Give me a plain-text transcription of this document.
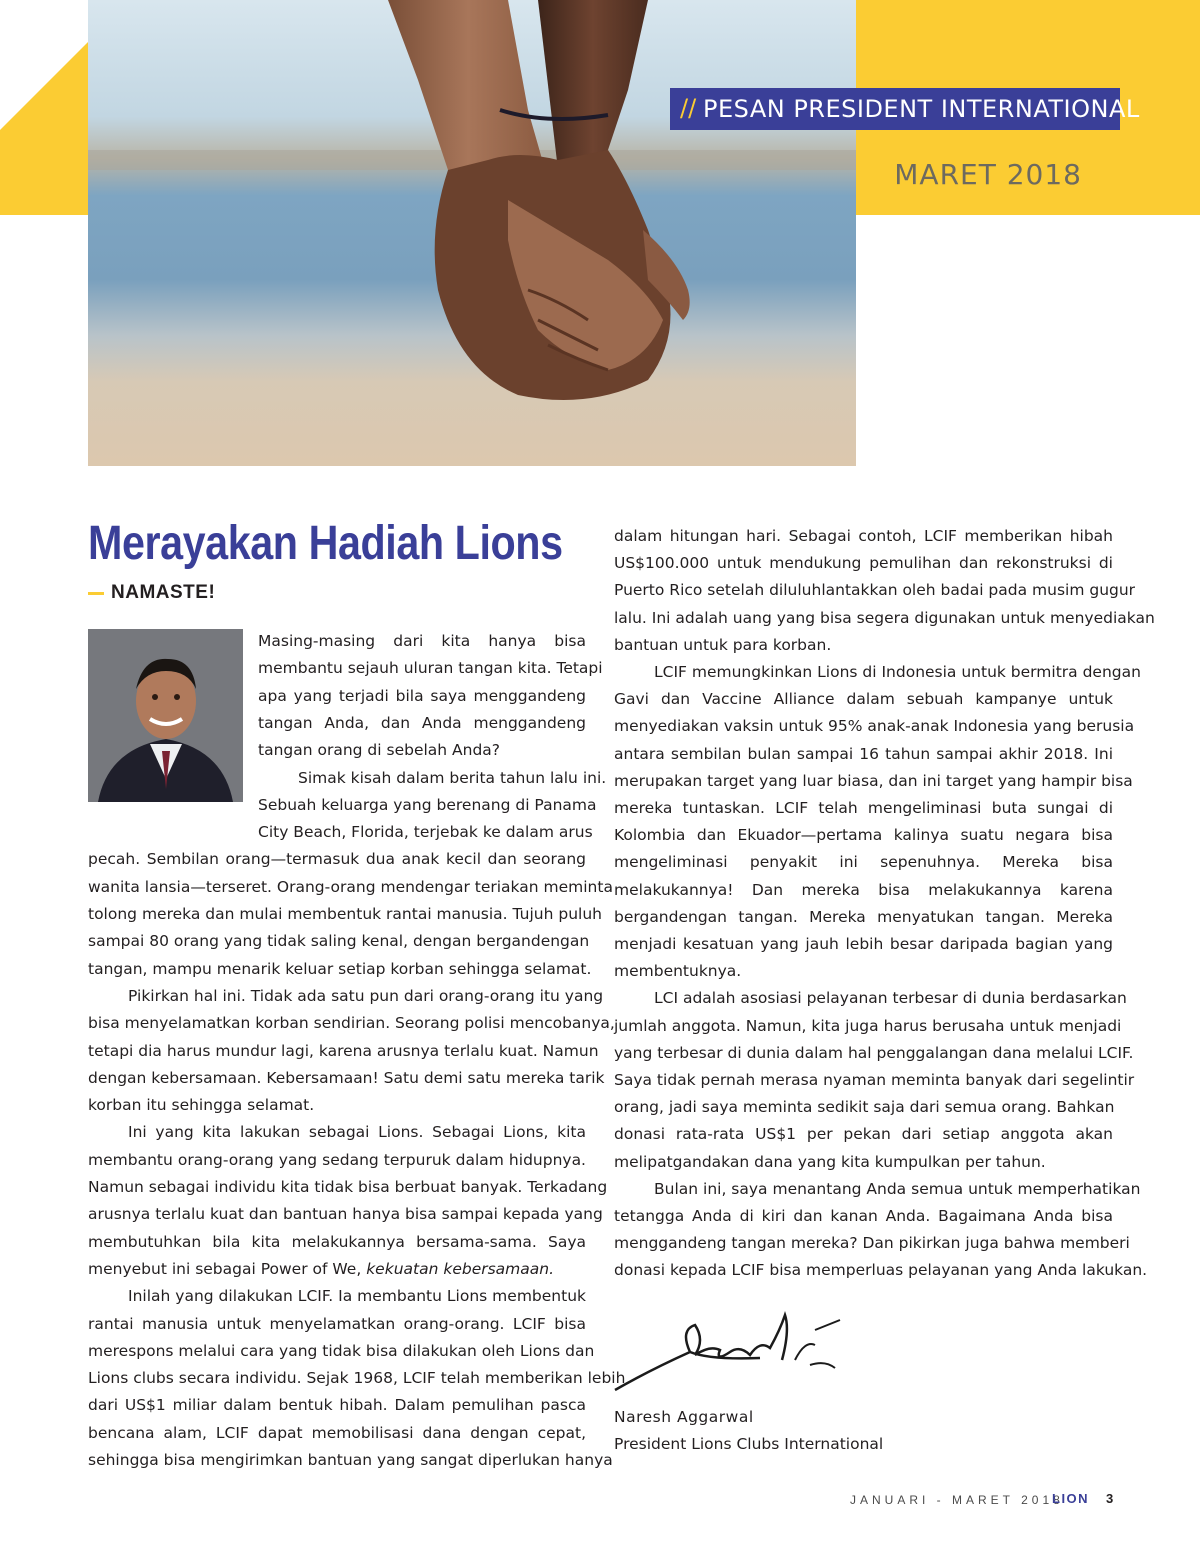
// PESAN PRESIDENT INTERNATIONAL
MARET 2018
Merayakan Hadiah Lions
NAMASTE!
Masing-masing dari kita hanya bisa
membantu sejauh uluran tangan kita. Tetapi
apa yang terjadi bila saya menggandeng
tangan Anda, dan Anda menggandeng
tangan orang di sebelah Anda?
Simak kisah dalam berita tahun lalu ini.
Sebuah keluarga yang berenang di Panama
City Beach, Florida, terjebak ke dalam arus
pecah. Sembilan orang—termasuk dua anak kecil dan seorang
wanita lansia—terseret. Orang-orang mendengar teriakan meminta
tolong mereka dan mulai membentuk rantai manusia. Tujuh puluh
sampai 80 orang yang tidak saling kenal, dengan bergandengan
tangan, mampu menarik keluar setiap korban sehingga selamat.
Pikirkan hal ini. Tidak ada satu pun dari orang-orang itu yang
bisa menyelamatkan korban sendirian. Seorang polisi mencobanya,
tetapi dia harus mundur lagi, karena arusnya terlalu kuat. Namun
dengan kebersamaan. Kebersamaan! Satu demi satu mereka tarik
korban itu sehingga selamat.
Ini yang kita lakukan sebagai Lions. Sebagai Lions, kita
membantu orang-orang yang sedang terpuruk dalam hidupnya.
Namun sebagai individu kita tidak bisa berbuat banyak. Terkadang
arusnya terlalu kuat dan bantuan hanya bisa sampai kepada yang
membutuhkan bila kita melakukannya bersama-sama. Saya
menyebut ini sebagai Power of We, kekuatan kebersamaan.
Inilah yang dilakukan LCIF. Ia membantu Lions membentuk
rantai manusia untuk menyelamatkan orang-orang. LCIF bisa
merespons melalui cara yang tidak bisa dilakukan oleh Lions dan
Lions clubs secara individu. Sejak 1968, LCIF telah memberikan lebih
dari US$1 miliar dalam bentuk hibah. Dalam pemulihan pasca
bencana alam, LCIF dapat memobilisasi dana dengan cepat,
sehingga bisa mengirimkan bantuan yang sangat diperlukan hanya
dalam hitungan hari. Sebagai contoh, LCIF memberikan hibah
US$100.000 untuk mendukung pemulihan dan rekonstruksi di
Puerto Rico setelah diluluhlantakkan oleh badai pada musim gugur
lalu. Ini adalah uang yang bisa segera digunakan untuk menyediakan
bantuan untuk para korban.
LCIF memungkinkan Lions di Indonesia untuk bermitra dengan
Gavi dan Vaccine Alliance dalam sebuah kampanye untuk
menyediakan vaksin untuk 95% anak-anak Indonesia yang berusia
antara sembilan bulan sampai 16 tahun sampai akhir 2018. Ini
merupakan target yang luar biasa, dan ini target yang hampir bisa
mereka tuntaskan. LCIF telah mengeliminasi buta sungai di
Kolombia dan Ekuador—pertama kalinya suatu negara bisa
mengeliminasi penyakit ini sepenuhnya. Mereka bisa
melakukannya! Dan mereka bisa melakukannya karena
bergandengan tangan. Mereka menyatukan tangan. Mereka
menjadi kesatuan yang jauh lebih besar daripada bagian yang
membentuknya.
LCI adalah asosiasi pelayanan terbesar di dunia berdasarkan
jumlah anggota. Namun, kita juga harus berusaha untuk menjadi
yang terbesar di dunia dalam hal penggalangan dana melalui LCIF.
Saya tidak pernah merasa nyaman meminta banyak dari segelintir
orang, jadi saya meminta sedikit saja dari semua orang. Bahkan
donasi rata-rata US$1 per pekan dari setiap anggota akan
melipatgandakan dana yang kita kumpulkan per tahun.
Bulan ini, saya menantang Anda semua untuk memperhatikan
tetangga Anda di kiri dan kanan Anda. Bagaimana Anda bisa
menggandeng tangan mereka? Dan pikirkan juga bahwa memberi
donasi kepada LCIF bisa memperluas pelayanan yang Anda lakukan.
Naresh Aggarwal
President Lions Clubs International
JANUARI - MARET 2018
LION 3
